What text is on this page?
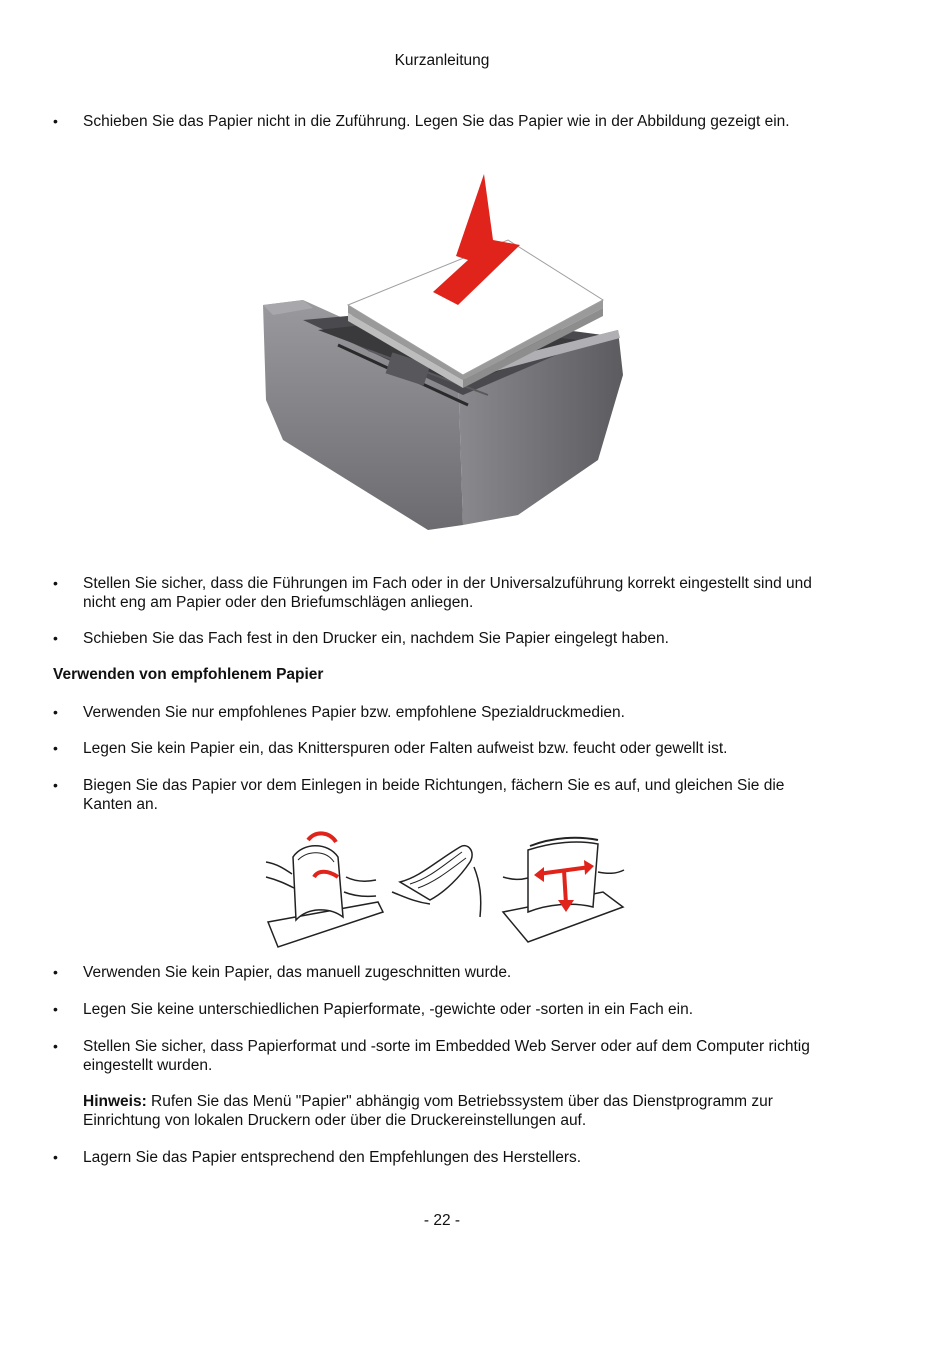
Kurzanleitung
•	Schieben Sie das Papier nicht in die Zuführung. Legen Sie das Papier wie in der Abbildung gezeigt ein.
•	Stellen Sie sicher, dass die Führungen im Fach oder in der Universalzuführung korrekt eingestellt sind und nicht eng am Papier oder den Briefumschlägen anliegen.
•	Schieben Sie das Fach fest in den Drucker ein, nachdem Sie Papier eingelegt haben.
Verwenden von empfohlenem Papier
•	Verwenden Sie nur empfohlenes Papier bzw. empfohlene Spezialdruckmedien.
•	Legen Sie kein Papier ein, das Knitterspuren oder Falten aufweist bzw. feucht oder gewellt ist.
•	Biegen Sie das Papier vor dem Einlegen in beide Richtungen, fächern Sie es auf, und gleichen Sie die Kanten an.
•	Verwenden Sie kein Papier, das manuell zugeschnitten wurde.
•	Legen Sie keine unterschiedlichen Papierformate, -gewichte oder -sorten in ein Fach ein.
•	Stellen Sie sicher, dass Papierformat und -sorte im Embedded Web Server oder auf dem Computer richtig eingestellt wurden.
Hinweis: Rufen Sie das Menü "Papier" abhängig vom Betriebssystem über das Dienstprogramm zur Einrichtung von lokalen Druckern oder über die Druckereinstellungen auf.
•	Lagern Sie das Papier entsprechend den Empfehlungen des Herstellers.
- 22 -
